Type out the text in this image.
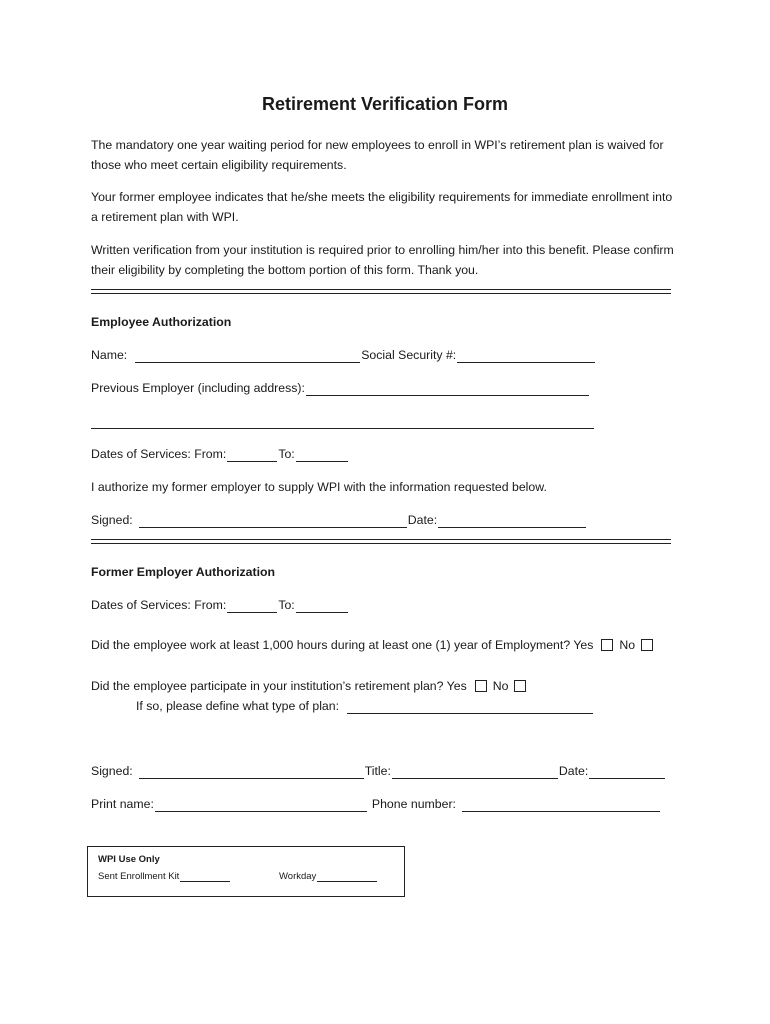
Retirement Verification Form

The mandatory one year waiting period for new employees to enroll in WPI’s retirement plan is waived for those who meet certain eligibility requirements.

Your former employee indicates that he/she meets the eligibility requirements for immediate enrollment into a retirement plan with WPI.

Written verification from your institution is required prior to enrolling him/her into this benefit. Please confirm their eligibility by completing the bottom portion of this form. Thank you.

Employee Authorization
Name:	Social Security #:
Previous Employer (including address):
Dates of Services: From:	To:
I authorize my former employer to supply WPI with the information requested below.
Signed:	Date:
Former Employer Authorization
Dates of Services: From:	To:
Did the employee work at least 1,000 hours during at least one (1) year of Employment? Yes No
Did the employee participate in your institution’s retirement plan? Yes No
If so, please define what type of plan:
Signed:	Title:	Date:
Print name:	Phone number:
WPI Use Only
Sent Enrollment Kit	Workday
